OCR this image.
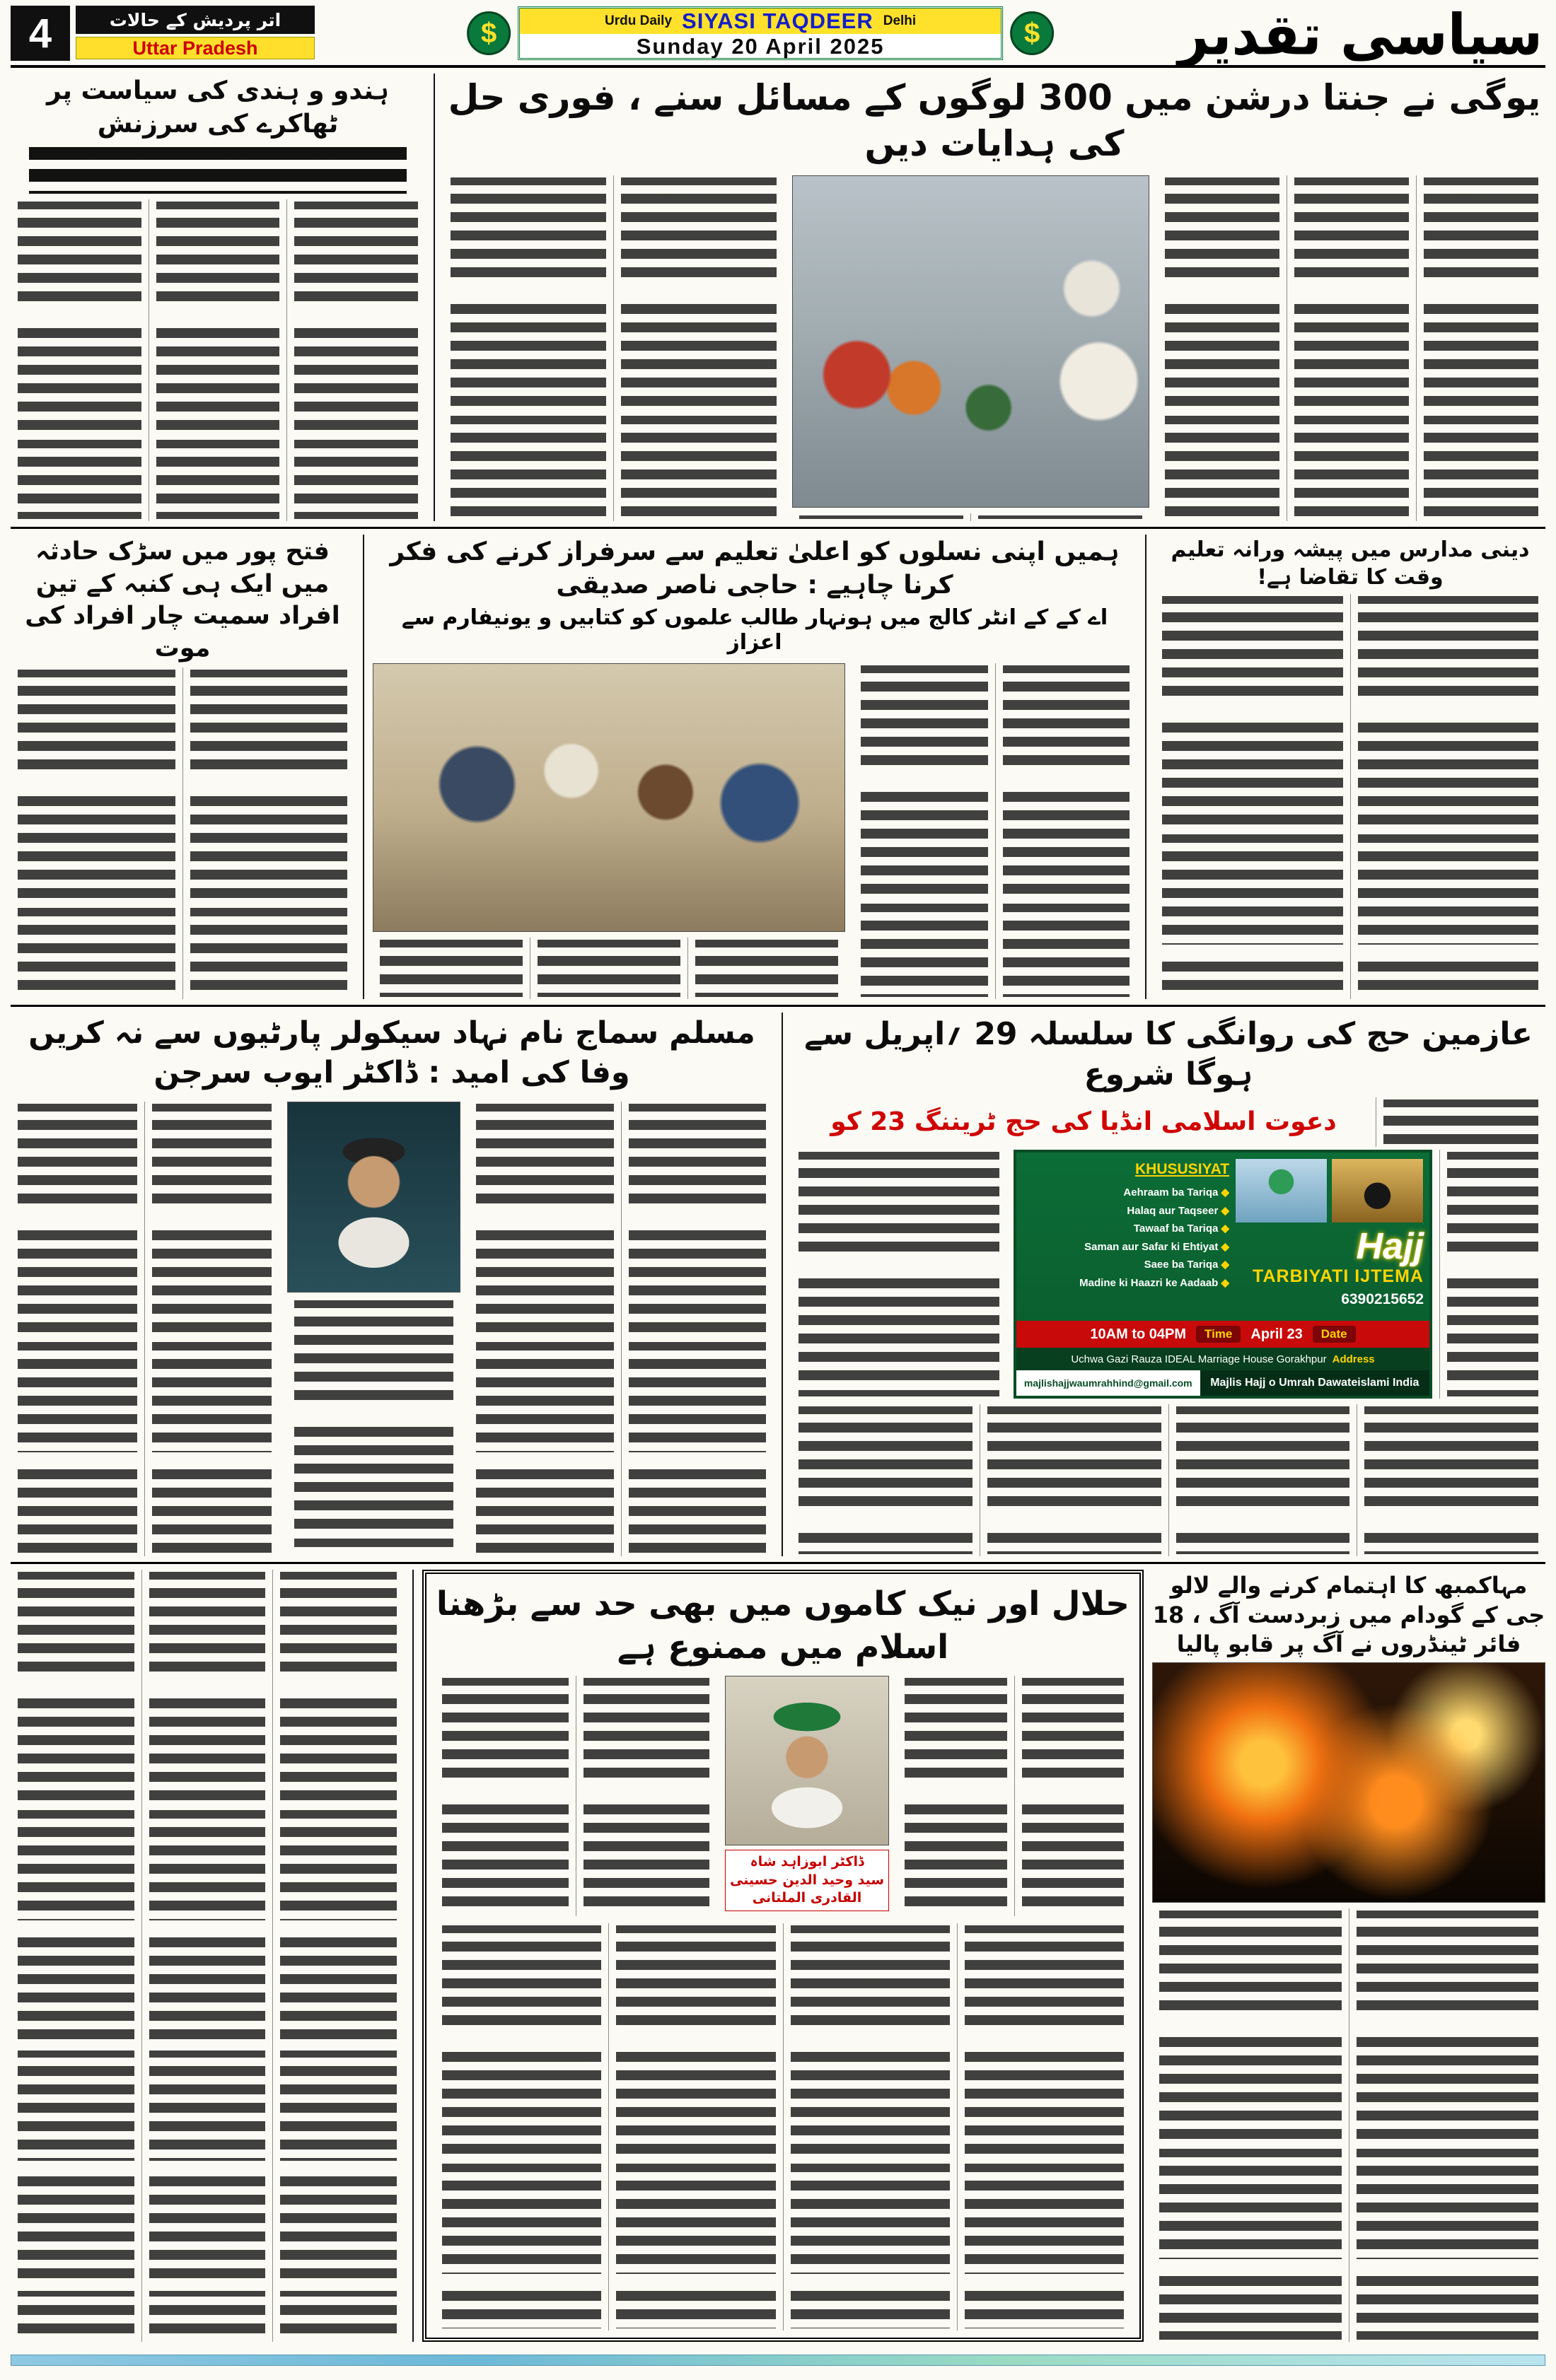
4	اتر پردیش کے حالات
Uttar Pradesh	$	Urdu Daily SIYASI TAQDEER Delhi
Sunday 20 April 2025	$	سیاسی تقدیر
یوگی نے جنتا درشن میں 300 لوگوں کے مسائل سنے ، فوری حل کی ہدایات دیں
ہندو و ہندی کی سیاست پر ٹھاکرے کی سرزنش
دینی مدارس میں پیشہ ورانہ تعلیم وقت کا تقاضا ہے!
ہمیں اپنی نسلوں کو اعلیٰ تعلیم سے سرفراز کرنے کی فکر کرنا چاہیے : حاجی ناصر صدیقی
اے کے کے انٹر کالج میں ہونہار طالب علموں کو کتابیں و یونیفارم سے اعزاز
فتح پور میں سڑک حادثہ میں ایک ہی کنبہ کے تین افراد سمیت چار افراد کی موت
عازمین حج کی روانگی کا سلسلہ 29 ؍اپریل سے ہوگا شروع
دعوت اسلامی انڈیا کی حج ٹریننگ 23 کو
Hajj
TARBIYATI IJTEMA
6390215652
KHUSUSIYAT
◆ Aehraam ba Tariqa
◆ Halaq aur Taqseer
◆ Tawaaf ba Tariqa
◆ Saman aur Safar ki Ehtiyat
◆ Saee ba Tariqa
◆ Madine ki Haazri ke Aadaab
Date
23 April
Time
10AM to 04PM
Address
Uchwa Gazi Rauza IDEAL Marriage House Gorakhpur
Majlis Hajj o Umrah Dawateislami India
majlishajjwaumrahhind@gmail.com
مسلم سماج نام نہاد سیکولر پارٹیوں سے نہ کریں وفا کی امید : ڈاکٹر ایوب سرجن
مہاکمبھ کا اہتمام کرنے والے لالو جی کے گودام میں زبردست آگ ، 18 فائر ٹینڈروں نے آگ پر قابو پالیا
حلال اور نیک کاموں میں بھی حد سے بڑھنا اسلام میں ممنوع ہے
ڈاکٹر ابوزاہد شاہ
سید وحید الدین حسینی القادری الملتانی
